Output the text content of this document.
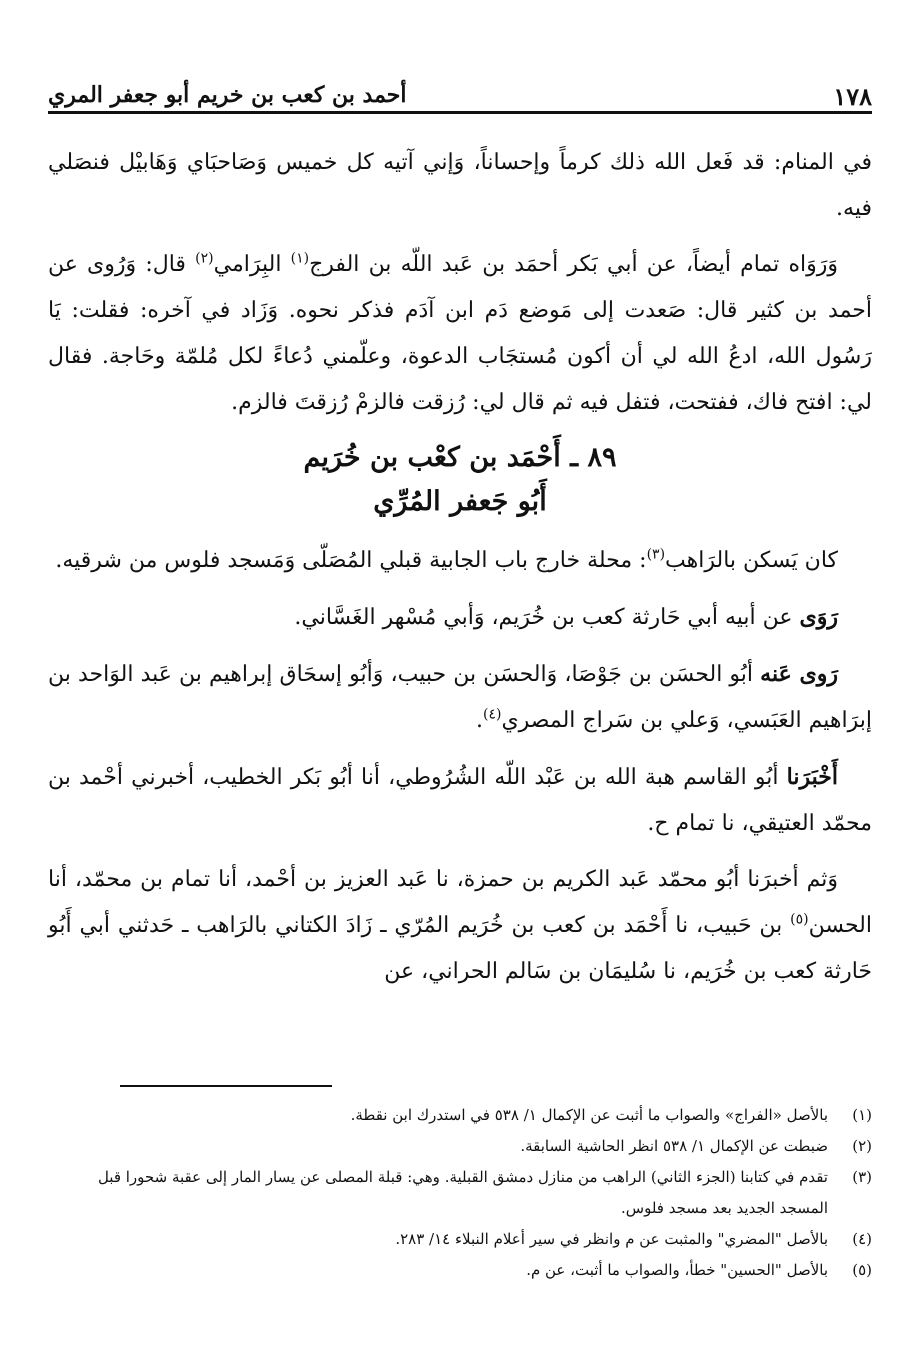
١٧٨
أحمد بن كعب بن خريم أبو جعفر المري

في المنام: قد فَعل الله ذلك كرماً وإحساناً، وَإني آتيه كل خميس وَصَاحبَاي وَهَابيْل فنصَلي فيه.

وَرَوَاه تمام أيضاً، عن أبي بَكر أحمَد بن عَبد اللّه بن الفرج$^{(١)}$ البِرَامي$^{(٢)}$ قال: وَرُوى عن أحمد بن كثير قال: صَعدت إلى مَوضع دَم ابن آدَم فذكر نحوه. وَزَاد في آخره: فقلت: يَا رَسُول الله، ادعُ الله لي أن أكون مُستجَاب الدعوة، وعلّمني دُعاءً لكل مُلمّة وحَاجة. فقال لي: افتح فاك، ففتحت، فتفل فيه ثم قال لي: رُزقت فالزمْ رُزقتَ فالزم.

٨٩ ـ أَحْمَد بن كعْب بن خُرَيم
أَبُو جَعفر المُرِّي

كان يَسكن بالرَاهب$^{(٣)}$: محلة خارج باب الجابية قبلي المُصَلّى وَمَسجد فلوس من شرقيه.

رَوَى عن أبيه أبي حَارثة كعب بن خُرَيم، وَأبي مُسْهر الغَسَّاني.

رَوى عَنه أبُو الحسَن بن جَوْصَا، وَالحسَن بن حبيب، وَأبُو إسحَاق إبراهيم بن عَبد الوَاحد بن إبرَاهيم العَبَسي، وَعلي بن سَراج المصري$^{(٤)}$.

أَخْبَرَنا أبُو القاسم هبة الله بن عَبْد اللّه الشُرُوطي، أنا أبُو بَكر الخطيب، أخبرني أحْمد بن محمّد العتيقي، نا تمام ح.

وَثم أخبرَنا أبُو محمّد عَبد الكريم بن حمزة، نا عَبد العزيز بن أحْمد، أنا تمام بن محمّد، أنا الحسن$^{(٥)}$ بن حَبيب، نا أَحْمَد بن كعب بن خُرَيم المُرّي ـ زَادَ الكتاني بالرَاهب ـ حَدثني أبي أَبُو حَارثة كعب بن خُرَيم، نا سُليمَان بن سَالم الحراني، عن

(١)
بالأصل «الفراج» والصواب ما أثبت عن الإكمال ١/ ٥٣٨ في استدرك ابن نقطة.
(٢)
ضبطت عن الإكمال ١/ ٥٣٨ انظر الحاشية السابقة.
(٣)
تقدم في كتابنا (الجزء الثاني) الراهب من منازل دمشق القبلية. وهي: قبلة المصلى عن يسار المار إلى عقبة شحورا قبل المسجد الجديد بعد مسجد فلوس.
(٤)
بالأصل "المضري" والمثبت عن م وانظر في سير أعلام النبلاء ١٤/ ٢٨٣.
(٥)
بالأصل "الحسين" خطأ، والصواب ما أثبت، عن م.
